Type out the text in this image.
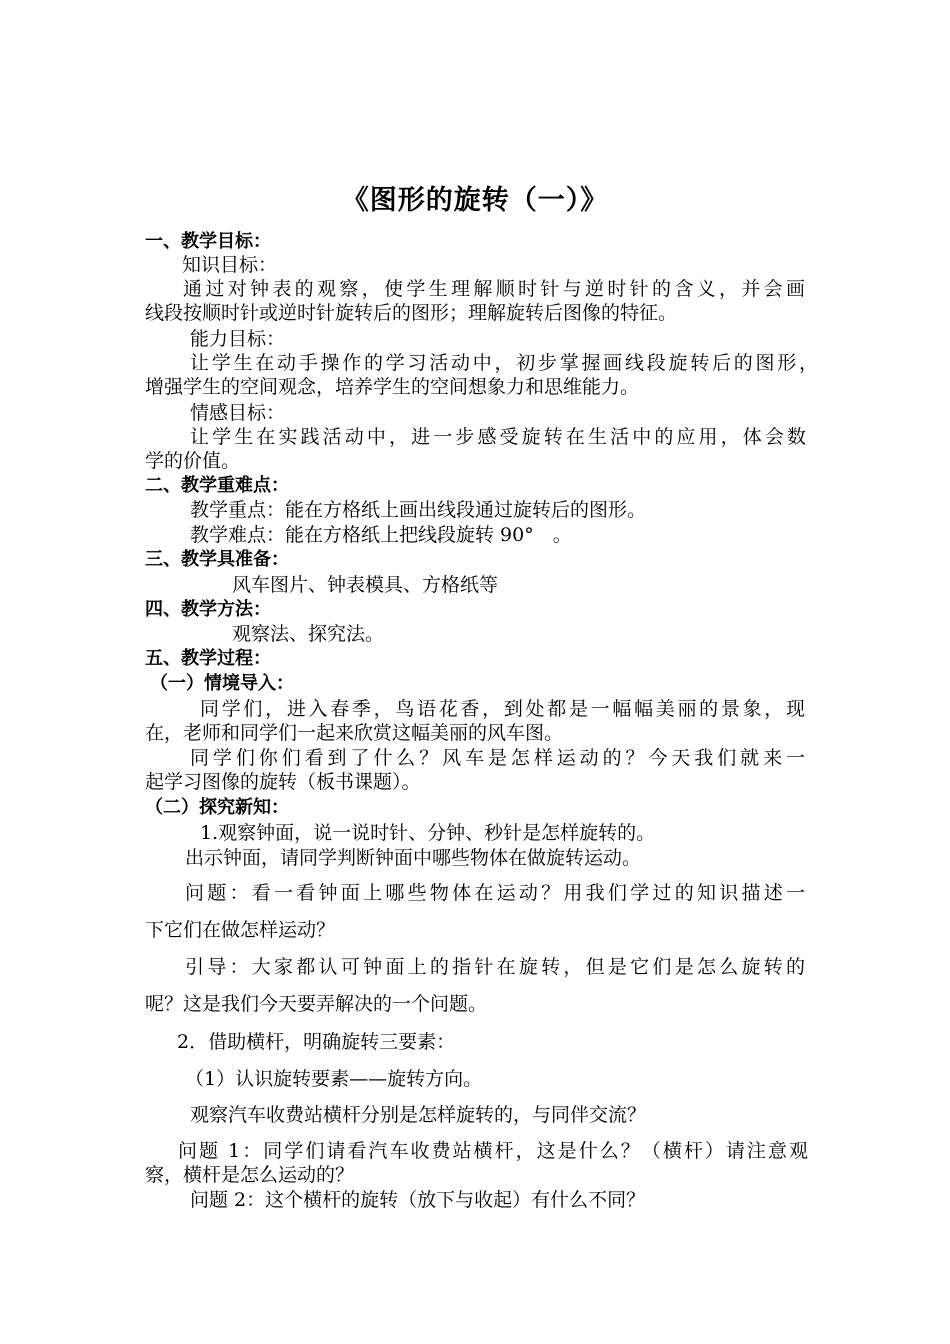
《图形的旋转（一）》
一、教学目标：
知识目标：
通过对钟表的观察，使学生理解顺时针与逆时针的含义，并会画
线段按顺时针或逆时针旋转后的图形；理解旋转后图像的特征。
能力目标：
让学生在动手操作的学习活动中，初步掌握画线段旋转后的图形，
增强学生的空间观念，培养学生的空间想象力和思维能力。
情感目标：
让学生在实践活动中，进一步感受旋转在生活中的应用，体会数
学的价值。
二、教学重难点：
教学重点：能在方格纸上画出线段通过旋转后的图形。
教学难点：能在方格纸上把线段旋转 90°　。
三、教学具准备：
风车图片、钟表模具、方格纸等
四、教学方法：
观察法、探究法。
五、教学过程：
（一）情境导入：
同学们，进入春季，鸟语花香，到处都是一幅幅美丽的景象，现
在，老师和同学们一起来欣赏这幅美丽的风车图。
同学们你们看到了什么？风车是怎样运动的？今天我们就来一
起学习图像的旋转（板书课题）。
（二）探究新知：
1.观察钟面，说一说时针、分钟、秒针是怎样旋转的。
出示钟面，请同学判断钟面中哪些物体在做旋转运动。
问题：看一看钟面上哪些物体在运动？用我们学过的知识描述一
下它们在做怎样运动？
引导：大家都认可钟面上的指针在旋转，但是它们是怎么旋转的
呢？这是我们今天要弄解决的一个问题。
2．借助横杆，明确旋转三要素：
（1）认识旋转要素——旋转方向。
观察汽车收费站横杆分别是怎样旋转的，与同伴交流？
问题 1：同学们请看汽车收费站横杆，这是什么？（横杆）请注意观
察，横杆是怎么运动的？
问题 2：这个横杆的旋转（放下与收起）有什么不同？
